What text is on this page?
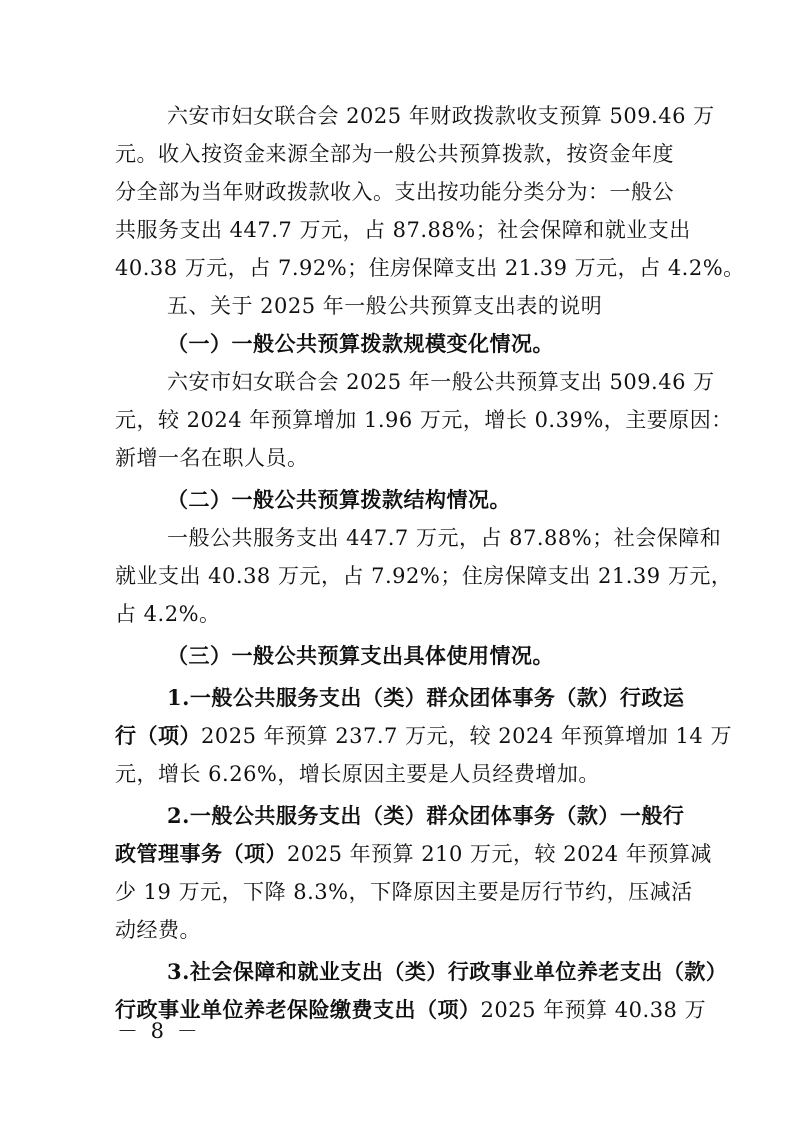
六安市妇女联合会 2025 年财政拨款收支预算 509.46 万
元。收入按资金来源全部为一般公共预算拨款，按资金年度
分全部为当年财政拨款收入。支出按功能分类分为：一般公
共服务支出 447.7 万元，占 87.88%；社会保障和就业支出
40.38 万元，占 7.92%；住房保障支出 21.39 万元，占 4.2%。
五、关于 2025 年一般公共预算支出表的说明
（一）一般公共预算拨款规模变化情况。
六安市妇女联合会 2025 年一般公共预算支出 509.46 万
元，较 2024 年预算增加 1.96 万元，增长 0.39%，主要原因：
新增一名在职人员。
（二）一般公共预算拨款结构情况。
一般公共服务支出 447.7 万元，占 87.88%；社会保障和
就业支出 40.38 万元，占 7.92%；住房保障支出 21.39 万元，
占 4.2%。
（三）一般公共预算支出具体使用情况。
1.一般公共服务支出（类）群众团体事务（款）行政运
行（项）2025 年预算 237.7 万元，较 2024 年预算增加 14 万
元，增长 6.26%，增长原因主要是人员经费增加。
2.一般公共服务支出（类）群众团体事务（款）一般行
政管理事务（项）2025 年预算 210 万元，较 2024 年预算减
少 19 万元，下降 8.3%，下降原因主要是厉行节约，压减活
动经费。
3.社会保障和就业支出（类）行政事业单位养老支出（款）
行政事业单位养老保险缴费支出（项）2025 年预算 40.38 万
－ 8 －
